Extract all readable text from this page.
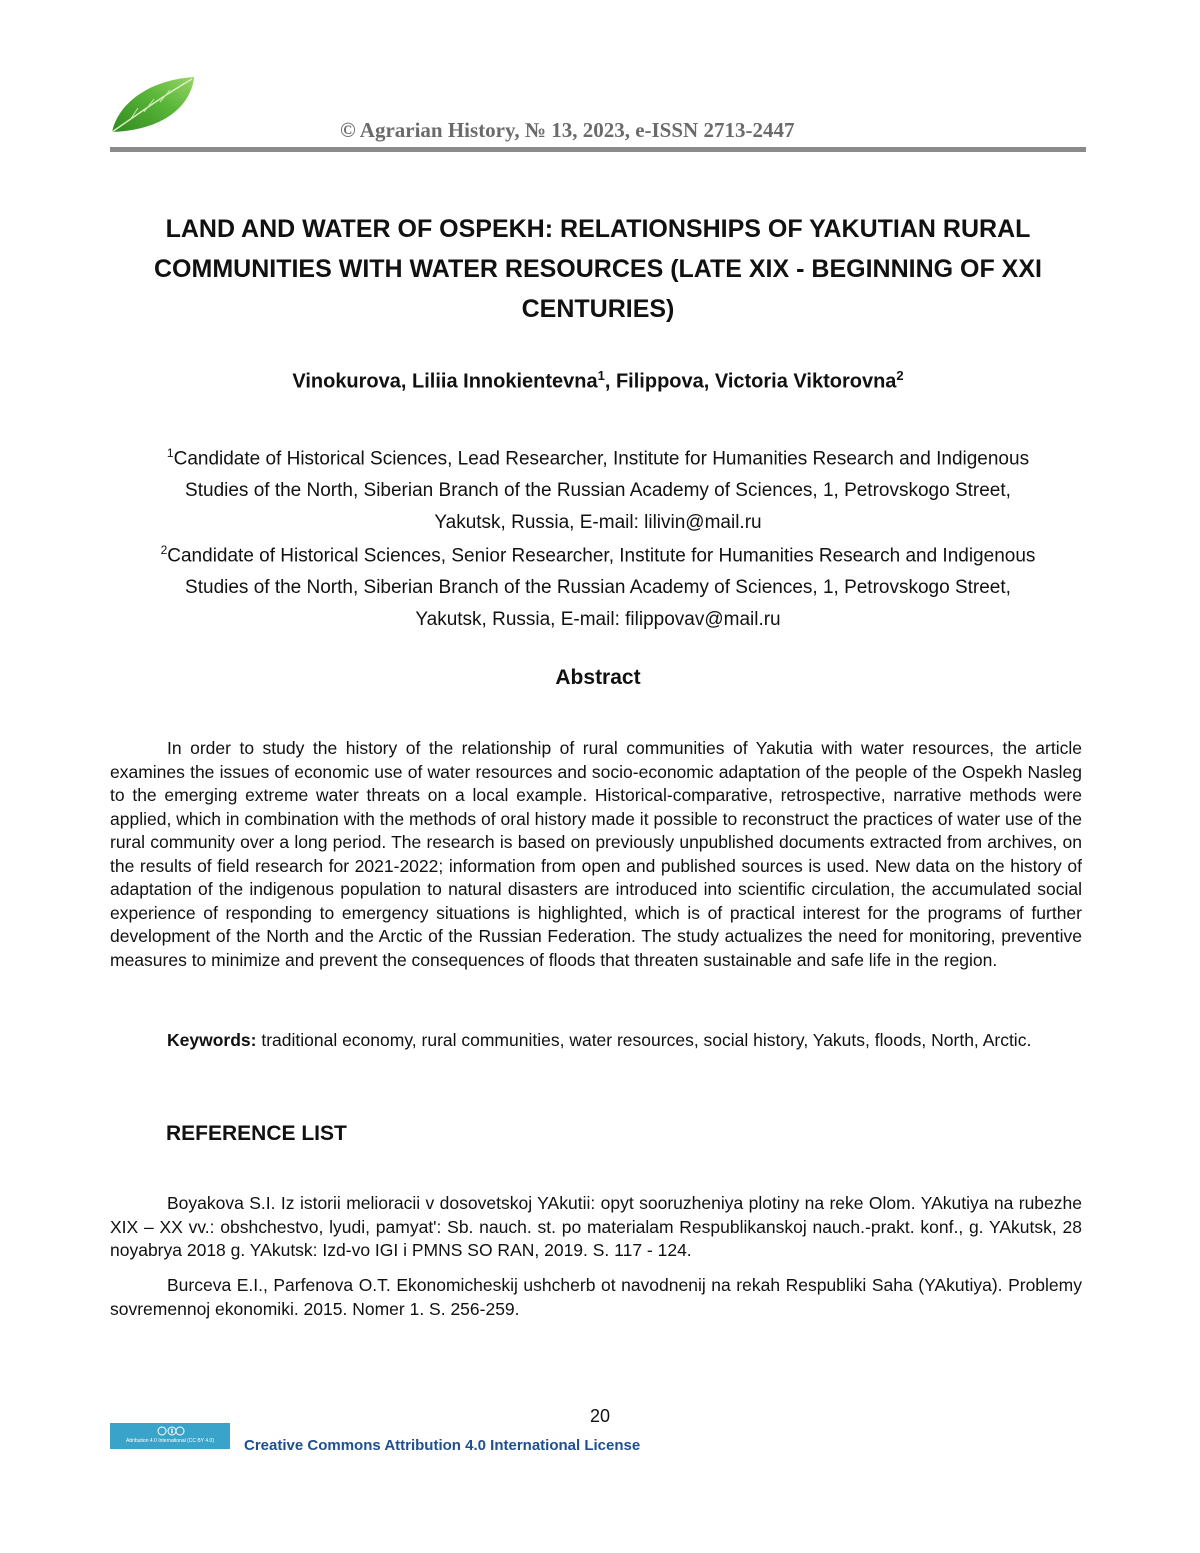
© Agrarian History, № 13, 2023, e-ISSN 2713-2447
LAND AND WATER OF OSPEKH: RELATIONSHIPS OF YAKUTIAN RURAL COMMUNITIES WITH WATER RESOURCES (LATE XIX - BEGINNING OF XXI CENTURIES)
Vinokurova, Liliia Innokientevna$^1$, Filippova, Victoria Viktorovna$^2$
$^1$Candidate of Historical Sciences, Lead Researcher, Institute for Humanities Research and Indigenous Studies of the North, Siberian Branch of the Russian Academy of Sciences, 1, Petrovskogo Street, Yakutsk, Russia, E-mail: lilivin@mail.ru
$^2$Candidate of Historical Sciences, Senior Researcher, Institute for Humanities Research and Indigenous Studies of the North, Siberian Branch of the Russian Academy of Sciences, 1, Petrovskogo Street, Yakutsk, Russia, E-mail: filippovav@mail.ru
Abstract
In order to study the history of the relationship of rural communities of Yakutia with water resources, the article examines the issues of economic use of water resources and socio-economic adaptation of the people of the Ospekh Nasleg to the emerging extreme water threats on a local example. Historical-comparative, retrospective, narrative methods were applied, which in combination with the methods of oral history made it possible to reconstruct the practices of water use of the rural community over a long period. The research is based on previously unpublished documents extracted from archives, on the results of field research for 2021-2022; information from open and published sources is used. New data on the history of adaptation of the indigenous population to natural disasters are introduced into scientific circulation, the accumulated social experience of responding to emergency situations is highlighted, which is of practical interest for the programs of further development of the North and the Arctic of the Russian Federation. The study actualizes the need for monitoring, preventive measures to minimize and prevent the consequences of floods that threaten sustainable and safe life in the region.
Keywords: traditional economy, rural communities, water resources, social history, Yakuts, floods, North, Arctic.
REFERENCE LIST
Boyakova S.I. Iz istorii melioracii v dosovetskoj YAkutii: opyt sooruzheniya plotiny na reke Olom. YAkutiya na rubezhe XIX – XX vv.: obshchestvo, lyudi, pamyat': Sb. nauch. st. po materialam Respublikanskoj nauch.-prakt. konf., g. YAkutsk, 28 noyabrya 2018 g. YAkutsk: Izd-vo IGI i PMNS SO RAN, 2019. S. 117 - 124.
Burceva E.I., Parfenova O.T. Ekonomicheskij ushcherb ot navodnenij na rekah Respubliki Saha (YAkutiya). Problemy sovremennoj ekonomiki. 2015. Nomer 1. S. 256-259.
20
Attribution 4.0 International (CC BY 4.0)	Creative Commons Attribution 4.0 International License
